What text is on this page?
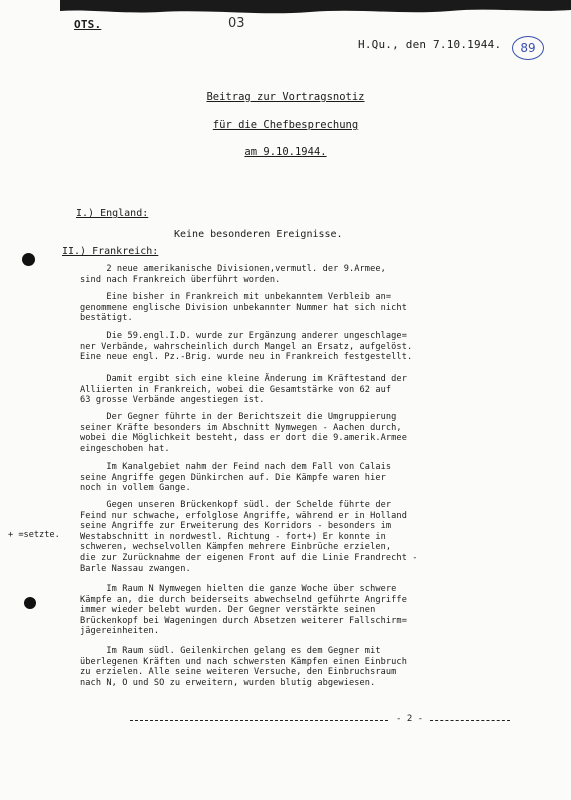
OTS.	03
H.Qu., den 7.10.1944.	89
Beitrag zur Vortragsnotiz
für die Chefbesprechung
am 9.10.1944.
I.) England:
Keine besonderen Ereignisse.
II.) Frankreich:
2 neue amerikanische Divisionen,vermutl. der 9.Armee,
sind nach Frankreich überführt worden.
Eine bisher in Frankreich mit unbekanntem Verbleib an=
genommene englische Division unbekannter Nummer hat sich nicht
bestätigt.
Die 59.engl.I.D. wurde zur Ergänzung anderer ungeschlage=
ner Verbände, wahrscheinlich durch Mangel an Ersatz, aufgelöst.
Eine neue engl. Pz.-Brig. wurde neu in Frankreich festgestellt.
Damit ergibt sich eine kleine Änderung im Kräftestand der
Alliierten in Frankreich, wobei die Gesamtstärke von 62 auf
63 grosse Verbände angestiegen ist.
Der Gegner führte in der Berichtszeit die Umgruppierung
seiner Kräfte besonders im Abschnitt Nymwegen - Aachen durch,
wobei die Möglichkeit besteht, dass er dort die 9.amerik.Armee
eingeschoben hat.
Im Kanalgebiet nahm der Feind nach dem Fall von Calais
seine Angriffe gegen Dünkirchen auf. Die Kämpfe waren hier
noch in vollem Gange.
Gegen unseren Brückenkopf südl. der Schelde führte der
Feind nur schwache, erfolglose Angriffe, während er in Holland
seine Angriffe zur Erweiterung des Korridors - besonders im
Westabschnitt in nordwestl. Richtung - fort+) Er konnte in
schweren, wechselvollen Kämpfen mehrere Einbrüche erzielen,
die zur Zurücknahme der eigenen Front auf die Linie Frandrecht -
Barle Nassau zwangen.
Im Raum N Nymwegen hielten die ganze Woche über schwere
Kämpfe an, die durch beiderseits abwechselnd geführte Angriffe
immer wieder belebt wurden. Der Gegner verstärkte seinen
Brückenkopf bei Wageningen durch Absetzen weiterer Fallschirm=
jägereinheiten.
Im Raum südl. Geilenkirchen gelang es dem Gegner mit
überlegenen Kräften und nach schwersten Kämpfen einen Einbruch
zu erzielen. Alle seine weiteren Versuche, den Einbruchsraum
nach N, O und SO zu erweitern, wurden blutig abgewiesen.
+ =setzte.
- 2 -
